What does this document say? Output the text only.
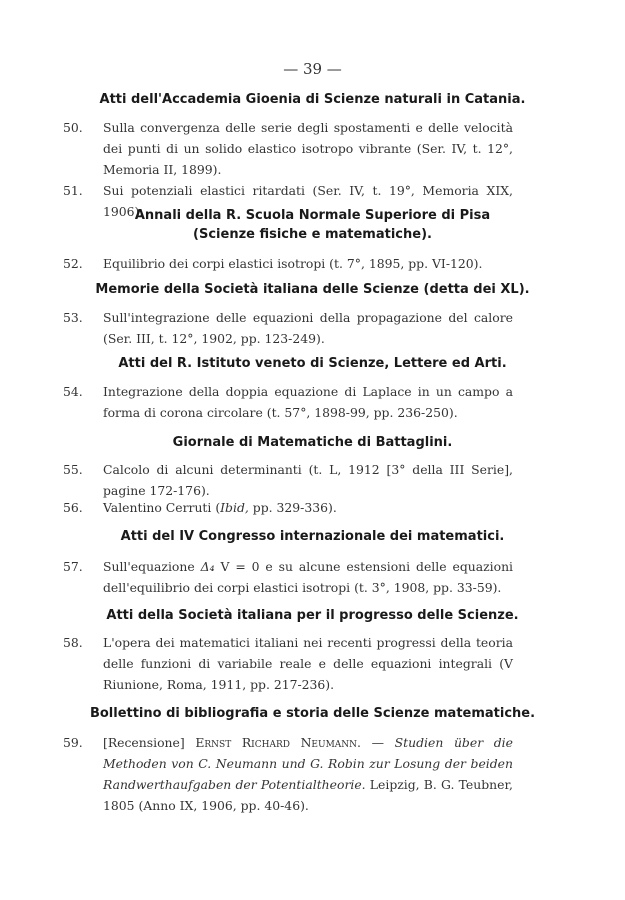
— 39 —
Atti dell'Accademia Gioenia di Scienze naturali in Catania.
50. Sulla convergenza delle serie degli spostamenti e delle velocità dei punti di un solido elastico isotropo vibrante (Ser. IV, t. 12°, Memoria II, 1899).
51. Sui potenziali elastici ritardati (Ser. IV, t. 19°, Memoria XIX, 1906).
Annali della R. Scuola Normale Superiore di Pisa
(Scienze fisiche e matematiche).
52. Equilibrio dei corpi elastici isotropi (t. 7°, 1895, pp. VI-120).
Memorie della Società italiana delle Scienze (detta dei XL).
53. Sull'integrazione delle equazioni della propagazione del calore (Ser. III, t. 12°, 1902, pp. 123-249).
Atti del R. Istituto veneto di Scienze, Lettere ed Arti.
54. Integrazione della doppia equazione di Laplace in un campo a forma di corona circolare (t. 57°, 1898-99, pp. 236-250).
Giornale di Matematiche di Battaglini.
55. Calcolo di alcuni determinanti (t. L, 1912 [3° della III Serie], pagine 172-176).
56. Valentino Cerruti (Ibid, pp. 329-336).
Atti del IV Congresso internazionale dei matematici.
57. Sull'equazione Δ₄ V = 0 e su alcune estensioni delle equazioni dell'equilibrio dei corpi elastici isotropi (t. 3°, 1908, pp. 33-59).
Atti della Società italiana per il progresso delle Scienze.
58. L'opera dei matematici italiani nei recenti progressi della teoria delle funzioni di variabile reale e delle equazioni integrali (V Riunione, Roma, 1911, pp. 217-236).
Bollettino di bibliografia e storia delle Scienze matematiche.
59. [Recensione] Ernst Richard Neumann. — Studien über die Methoden von C. Neumann und G. Robin zur Losung der beiden Randwerthaufgaben der Potentialtheorie. Leipzig, B. G. Teubner, 1805 (Anno IX, 1906, pp. 40-46).
